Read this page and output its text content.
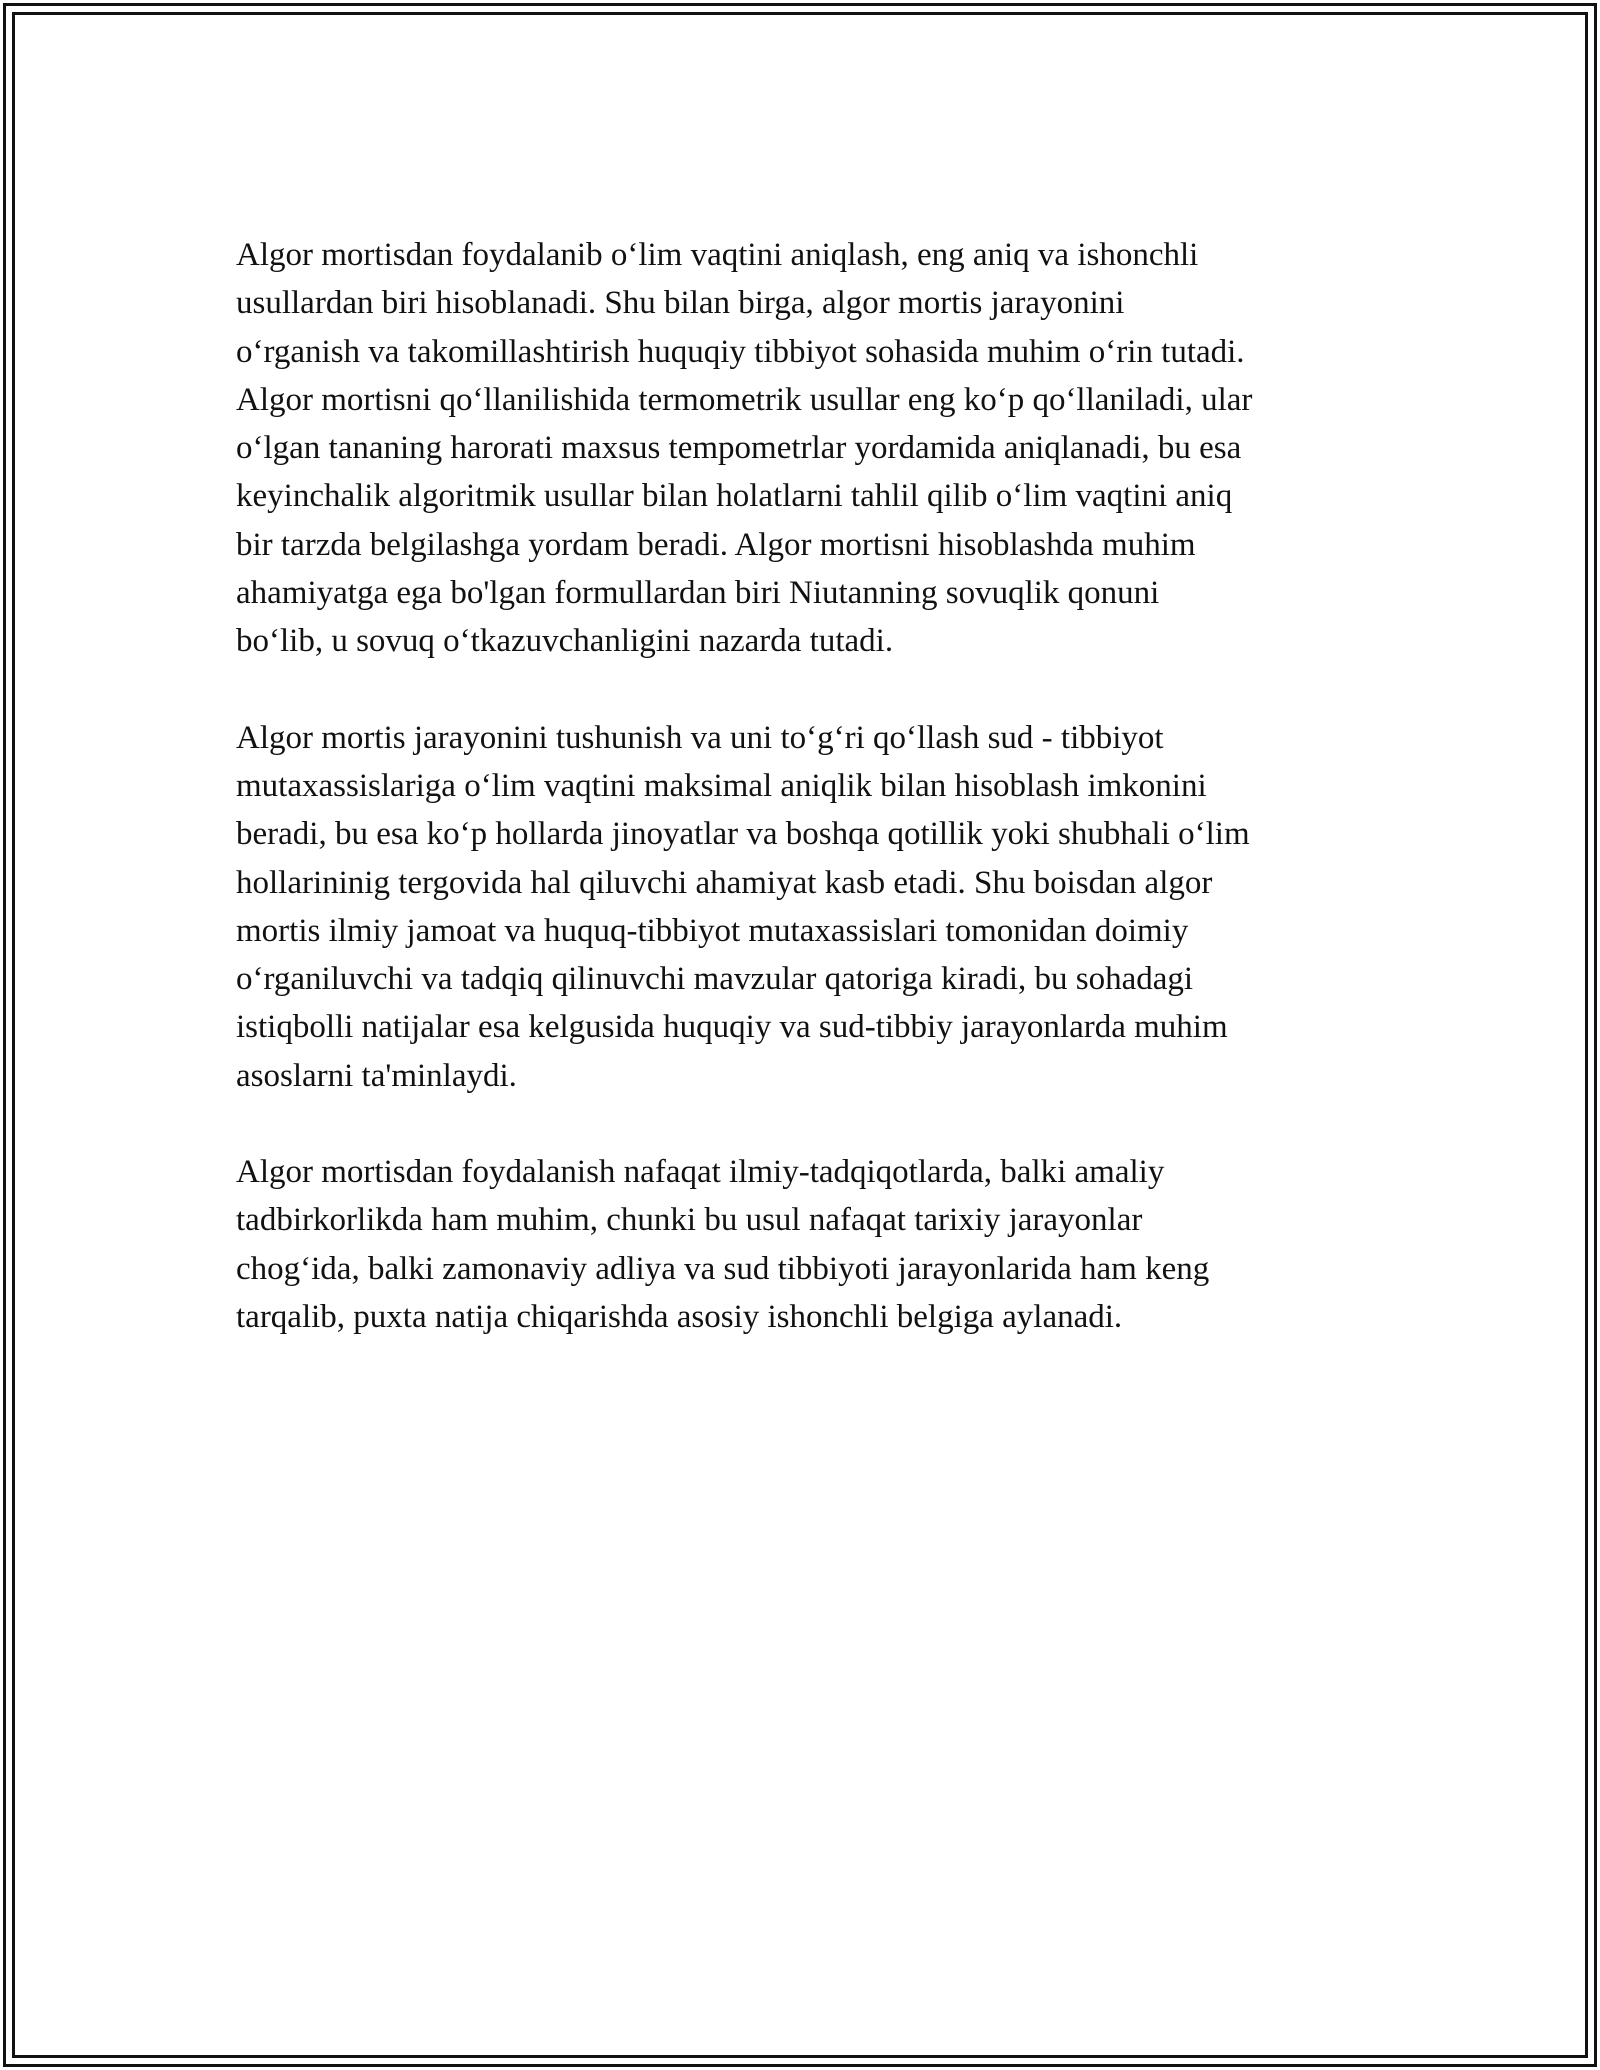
Algor mortisdan foydalanib o‘lim vaqtini aniqlash, eng aniq va ishonchli
usullardan biri hisoblanadi. Shu bilan birga, algor mortis jarayonini
o‘rganish va takomillashtirish huquqiy tibbiyot sohasida muhim o‘rin tutadi.
Algor mortisni qo‘llanilishida termometrik usullar eng ko‘p qo‘llaniladi, ular
o‘lgan tananing harorati maxsus tempometrlar yordamida aniqlanadi, bu esa
keyinchalik algoritmik usullar bilan holatlarni tahlil qilib o‘lim vaqtini aniq
bir tarzda belgilashga yordam beradi. Algor mortisni hisoblashda muhim
ahamiyatga ega bo'lgan formullardan biri Niutanning sovuqlik qonuni
bo‘lib, u sovuq o‘tkazuvchanligini nazarda tutadi.

Algor mortis jarayonini tushunish va uni to‘g‘ri qo‘llash sud - tibbiyot
mutaxassislariga o‘lim vaqtini maksimal aniqlik bilan hisoblash imkonini
beradi, bu esa ko‘p hollarda jinoyatlar va boshqa qotillik yoki shubhali o‘lim
hollarininig tergovida hal qiluvchi ahamiyat kasb etadi. Shu boisdan algor
mortis ilmiy jamoat va huquq-tibbiyot mutaxassislari tomonidan doimiy
o‘rganiluvchi va tadqiq qilinuvchi mavzular qatoriga kiradi, bu sohadagi
istiqbolli natijalar esa kelgusida huquqiy va sud-tibbiy jarayonlarda muhim
asoslarni ta'minlaydi.

Algor mortisdan foydalanish nafaqat ilmiy-tadqiqotlarda, balki amaliy
tadbirkorlikda ham muhim, chunki bu usul nafaqat tarixiy jarayonlar
chog‘ida, balki zamonaviy adliya va sud tibbiyoti jarayonlarida ham keng
tarqalib, puxta natija chiqarishda asosiy ishonchli belgiga aylanadi.
